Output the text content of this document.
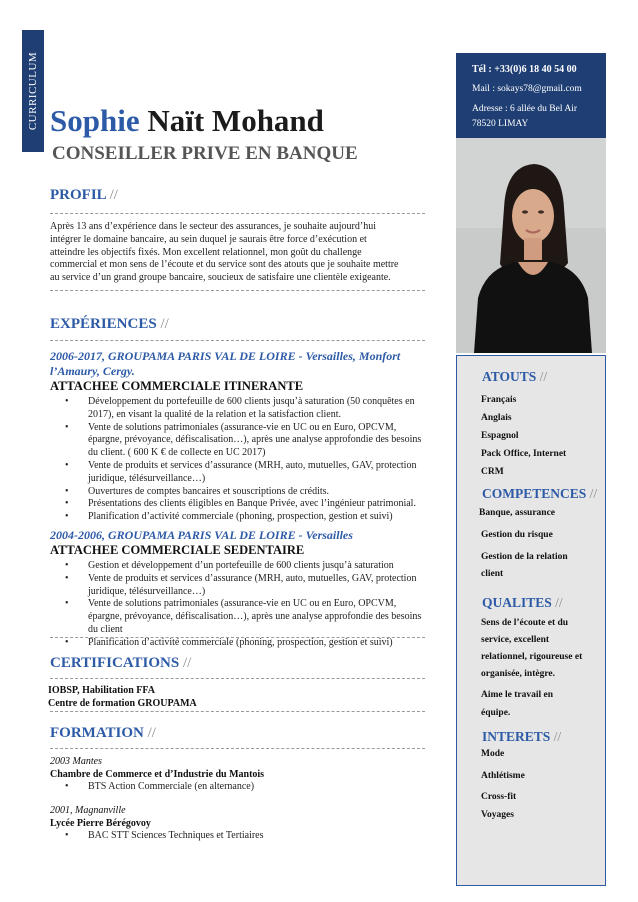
CURRICULUM Sophie Naït Mohand
CONSEILLER PRIVE EN BANQUE
PROFIL //
Après 13 ans d’expérience dans le secteur des assurances, je souhaite aujourd’hui
intégrer le domaine bancaire, au sein duquel je saurais être force d’exécution et
atteindre les objectifs fixés. Mon excellent relationnel, mon goût du challenge
commercial et mon sens de l’écoute et du service sont des atouts que je souhaite mettre
au service d’un grand groupe bancaire, soucieux de satisfaire une clientèle exigeante.
EXPÉRIENCES //
2006-2017, GROUPAMA PARIS VAL DE LOIRE - Versailles, Monfort
l’Amaury, Cergy.
ATTACHEE COMMERCIALE ITINERANTE
• Développement du portefeuille de 600 clients jusqu’à saturation (50 conquêtes en
2017), en visant la qualité de la relation et la satisfaction client.
• Vente de solutions patrimoniales (assurance-vie en UC ou en Euro, OPCVM,
épargne, prévoyance, défiscalisation…), après une analyse approfondie des besoins
du client. ( 600 K € de collecte en UC 2017)
• Vente de produits et services d’assurance (MRH, auto, mutuelles, GAV, protection
juridique, télésurveillance…)
• Ouvertures de comptes bancaires et souscriptions de crédits.
• Présentations des clients éligibles en Banque Privée, avec l’ingénieur patrimonial.
• Planification d’activité commerciale (phoning, prospection, gestion et suivi)
2004-2006, GROUPAMA PARIS VAL DE LOIRE - Versailles
ATTACHEE COMMERCIALE SEDENTAIRE
• Gestion et développement d’un portefeuille de 600 clients jusqu’à saturation
• Vente de produits et services d’assurance (MRH, auto, mutuelles, GAV, protection
juridique, télésurveillance…)
• Vente de solutions patrimoniales (assurance-vie en UC ou en Euro, OPCVM,
épargne, prévoyance, défiscalisation…), après une analyse approfondie des besoins
du client
• Planification d’activité commerciale (phoning, prospection, gestion et suivi)
CERTIFICATIONS //
IOBSP, Habilitation FFA
Centre de formation GROUPAMA
FORMATION //
2003 Mantes
Chambre de Commerce et d’Industrie du Mantois
• BTS Action Commerciale (en alternance)
2001, Magnanville
Lycée Pierre Bérégovoy
• BAC STT Sciences Techniques et Tertiaires
Tél : +33(0)6 18 40 54 00
Mail : sokays78@gmail.com
Adresse : 6 allée du Bel Air
78520 LIMAY
ATOUTS //
Français
Anglais
Espagnol
Pack Office, Internet
CRM
COMPETENCES //
Banque, assurance
Gestion du risque
Gestion de la relation
client
QUALITES //
Sens de l’écoute et du
service, excellent
relationnel, rigoureuse et
organisée, intègre.
Aime le travail en
équipe.
INTERETS //
Mode
Athlétisme
Cross-fit
Voyages
